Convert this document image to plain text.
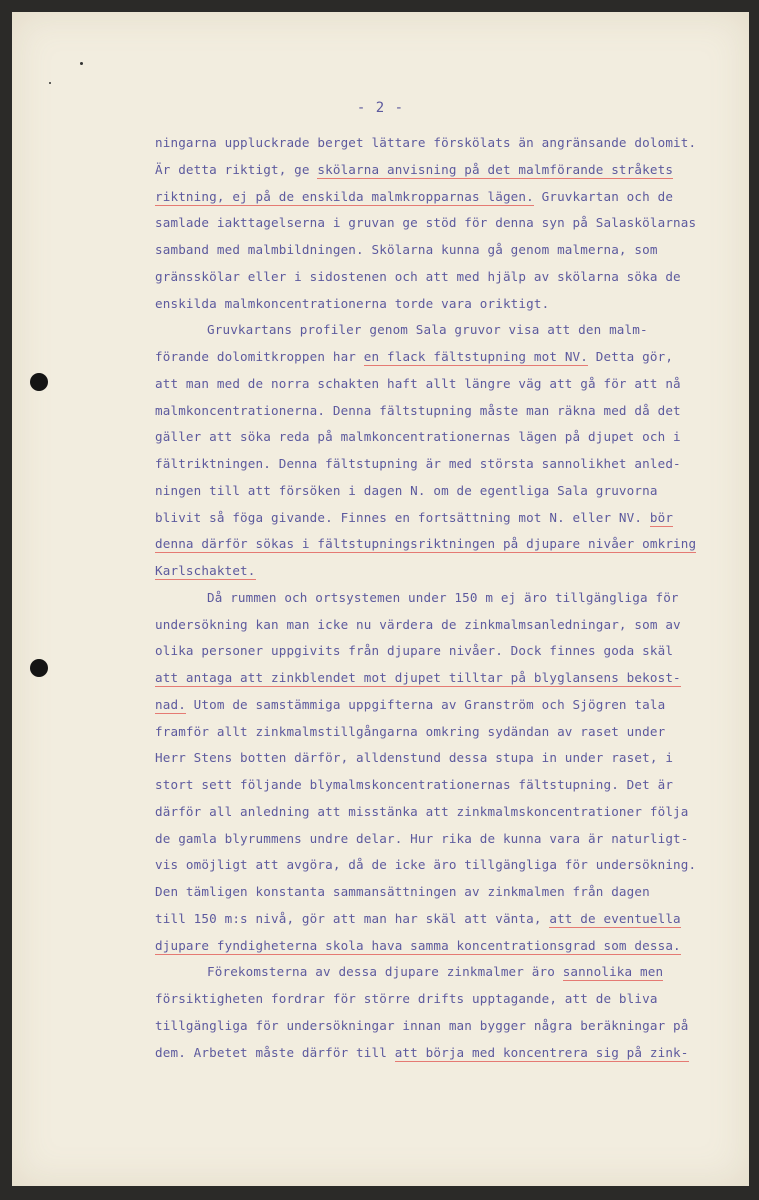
- 2 -
ningarna uppluckrade berget lättare förskölats än angränsande dolomit.
Är detta riktigt, ge skölarna anvisning på det malmförande stråkets
riktning, ej på de enskilda malmkropparnas lägen. Gruvkartan och de
samlade iakttagelserna i gruvan ge stöd för denna syn på Salaskölarnas
samband med malmbildningen. Skölarna kunna gå genom malmerna, som
gränsskölar eller i sidostenen och att med hjälp av skölarna söka de
enskilda malmkoncentrationerna torde vara oriktigt.
Gruvkartans profiler genom Sala gruvor visa att den malm-
förande dolomitkroppen har en flack fältstupning mot NV. Detta gör,
att man med de norra schakten haft allt längre väg att gå för att nå
malmkoncentrationerna. Denna fältstupning måste man räkna med då det
gäller att söka reda på malmkoncentrationernas lägen på djupet och i
fältriktningen. Denna fältstupning är med största sannolikhet anled-
ningen till att försöken i dagen N. om de egentliga Sala gruvorna
blivit så föga givande. Finnes en fortsättning mot N. eller NV. bör
denna därför sökas i fältstupningsriktningen på djupare nivåer omkring
Karlschaktet.
Då rummen och ortsystemen under 150 m ej äro tillgängliga för
undersökning kan man icke nu värdera de zinkmalmsanledningar, som av
olika personer uppgivits från djupare nivåer. Dock finnes goda skäl
att antaga att zinkblendet mot djupet tilltar på blyglansens bekost-
nad. Utom de samstämmiga uppgifterna av Granström och Sjögren tala
framför allt zinkmalmstillgångarna omkring sydändan av raset under
Herr Stens botten därför, alldenstund dessa stupa in under raset, i
stort sett följande blymalmskoncentrationernas fältstupning. Det är
därför all anledning att misstänka att zinkmalmskoncentrationer följa
de gamla blyrummens undre delar. Hur rika de kunna vara är naturligt-
vis omöjligt att avgöra, då de icke äro tillgängliga för undersökning.
Den tämligen konstanta sammansättningen av zinkmalmen från dagen
till 150 m:s nivå, gör att man har skäl att vänta, att de eventuella
djupare fyndigheterna skola hava samma koncentrationsgrad som dessa.
Förekomsterna av dessa djupare zinkmalmer äro sannolika men
försiktigheten fordrar för större drifts upptagande, att de bliva
tillgängliga för undersökningar innan man bygger några beräkningar på
dem. Arbetet måste därför till att börja med koncentrera sig på zink-
